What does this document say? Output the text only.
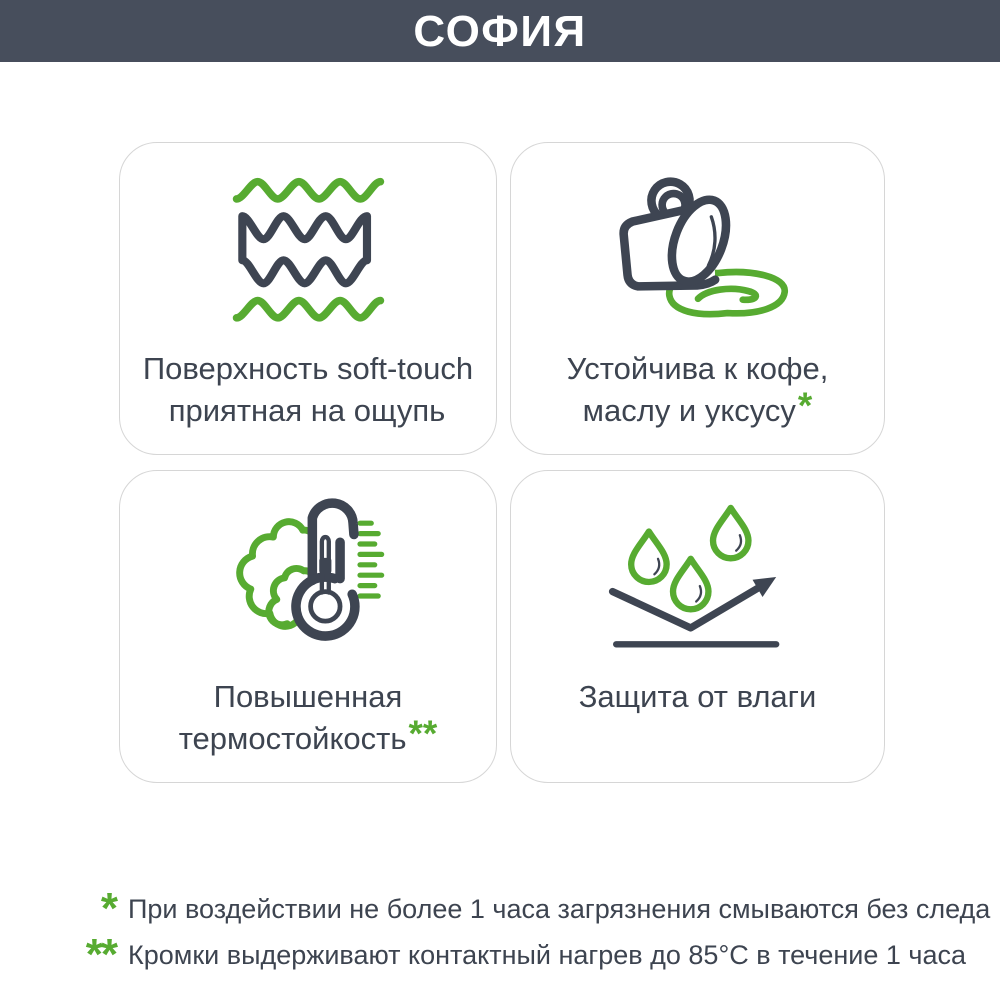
СОФИЯ
Поверхность soft-touch
приятная на ощупь
Устойчива к кофе,
маслу и уксусу*
Повышенная
термостойкость**
Защита от влаги
* При воздействии не более 1 часа загрязнения смываются без следа
** Кромки выдерживают контактный нагрев до 85°С в течение 1 часа
